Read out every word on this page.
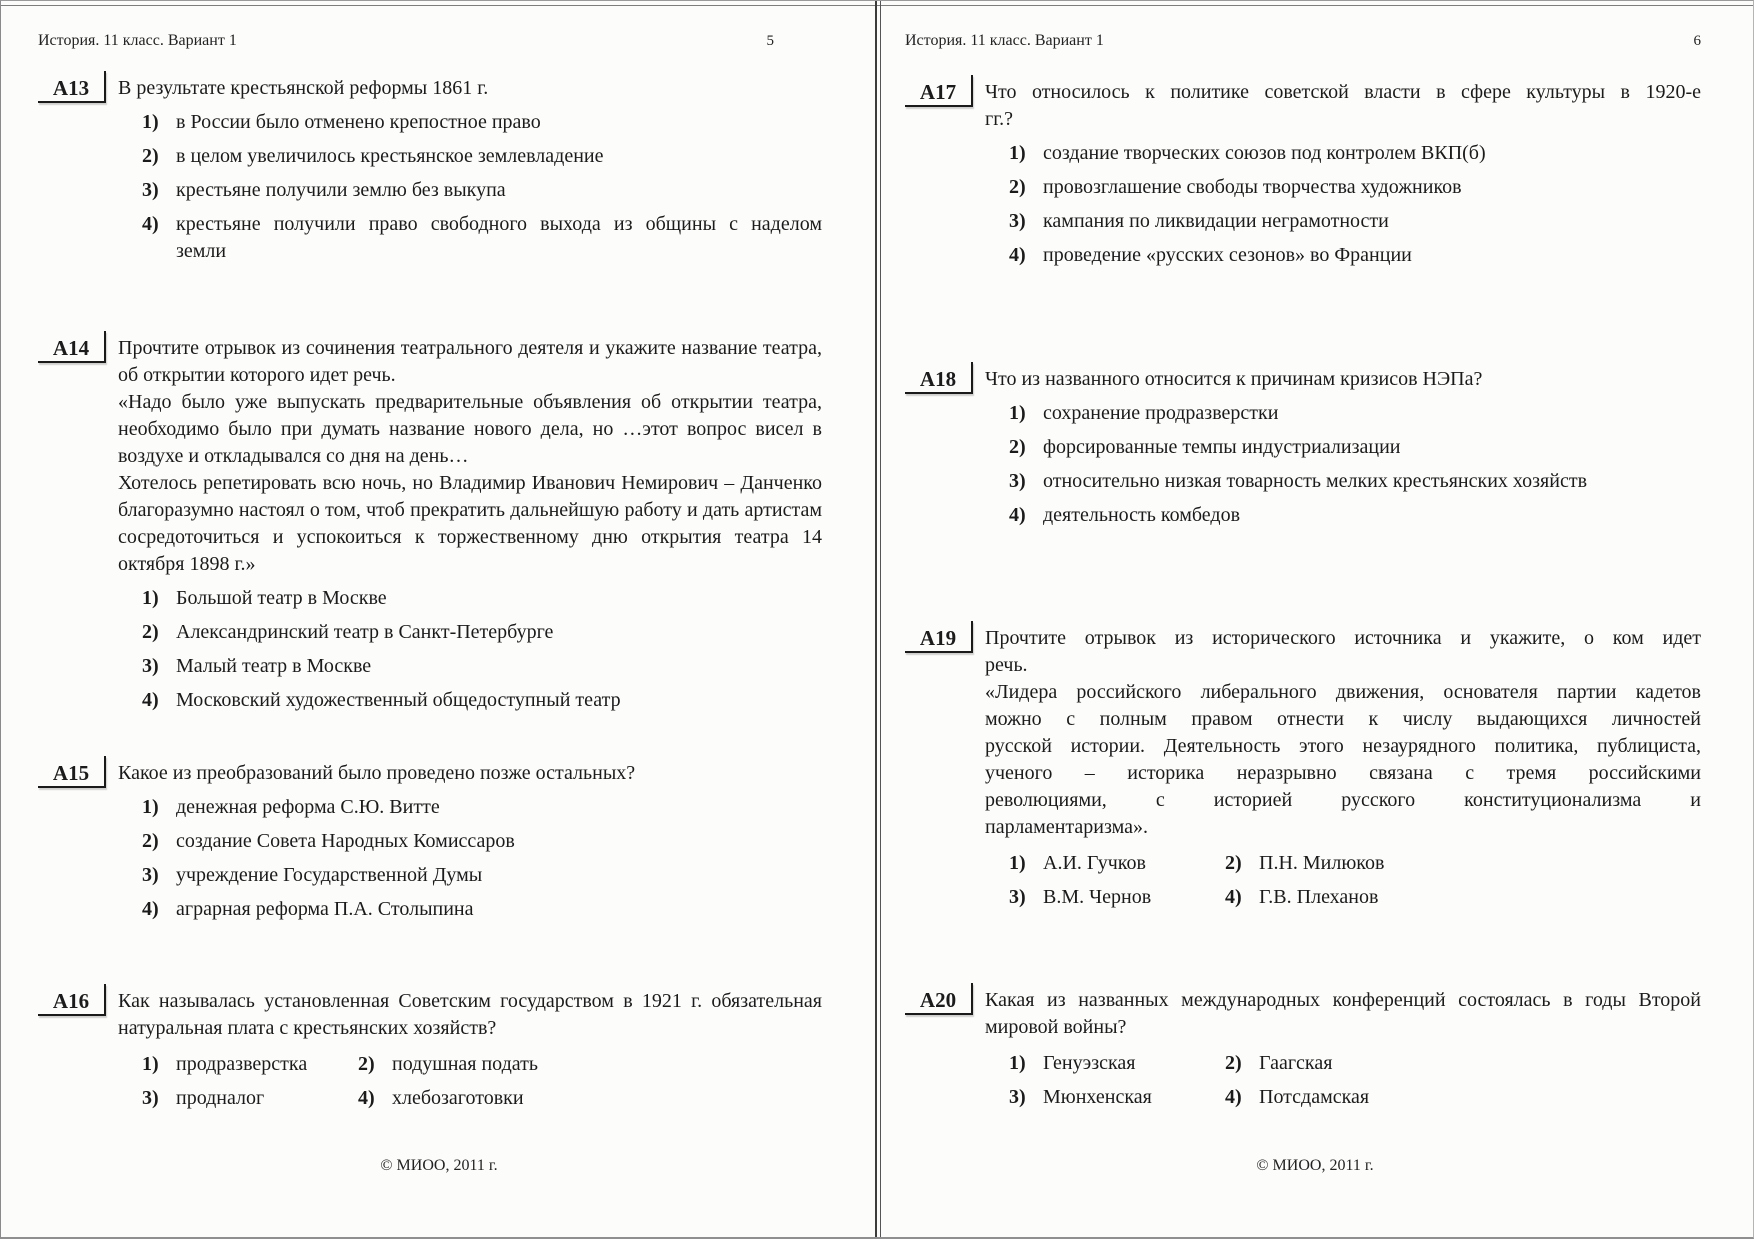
История. 11 класс. Вариант 1	5
А13	В результате крестьянской реформы 1861 г.

1) в России было отменено крепостное право
2) в целом увеличилось крестьянское землевладение
3) крестьяне получили землю без выкупа
4) крестьяне получили право свободного выхода из общины с наделом земли
А14	Прочтите отрывок из сочинения театрального деятеля и укажите название театра, об открытии которого идет речь.

«Надо было уже выпускать предварительные объявления об открытии театра, необходимо было при думать название нового дела, но …этот вопрос висел в воздухе и откладывался со дня на день…

Хотелось репетировать всю ночь, но Владимир Иванович Немирович – Данченко благоразумно настоял о том, чтоб прекратить дальнейшую работу и дать артистам сосредоточиться и успокоиться к торжественному дню открытия театра 14 октября 1898 г.»

1) Большой театр в Москве
2) Александринский театр в Санкт-Петербурге
3) Малый театр в Москве
4) Московский художественный общедоступный театр
А15	Какое из преобразований было проведено позже остальных?

1) денежная реформа С.Ю. Витте
2) создание Совета Народных Комиссаров
3) учреждение Государственной Думы
4) аграрная реформа П.А. Столыпина
А16	Как называлась установленная Советским государством в 1921 г. обязательная натуральная плата с крестьянских хозяйств?

1) продразверстка	2) подушная подать
3) продналог	4) хлебозаготовки
© МИОО, 2011 г.
История. 11 класс. Вариант 1	6
А17	Что относилось к политике советской власти в сфере культуры в 1920-е гг.?

1) создание творческих союзов под контролем ВКП(б)
2) провозглашение свободы творчества художников
3) кампания по ликвидации неграмотности
4) проведение «русских сезонов» во Франции
А18	Что из названного относится к причинам кризисов НЭПа?

1) сохранение продразверстки
2) форсированные темпы индустриализации
3) относительно низкая товарность мелких крестьянских хозяйств
4) деятельность комбедов
А19	Прочтите отрывок из исторического источника и укажите, о ком идет речь.

«Лидера российского либерального движения, основателя партии кадетов можно с полным правом отнести к числу выдающихся личностей русской истории. Деятельность этого незаурядного политика, публициста, ученого – историка неразрывно связана с тремя российскими революциями, с историей русского конституционализма и парламентаризма».

1) А.И. Гучков	2) П.Н. Милюков
3) В.М. Чернов	4) Г.В. Плеханов
А20	Какая из названных международных конференций состоялась в годы Второй мировой войны?

1) Генуэзская	2) Гаагская
3) Мюнхенская	4) Потсдамская
© МИОО, 2011 г.
